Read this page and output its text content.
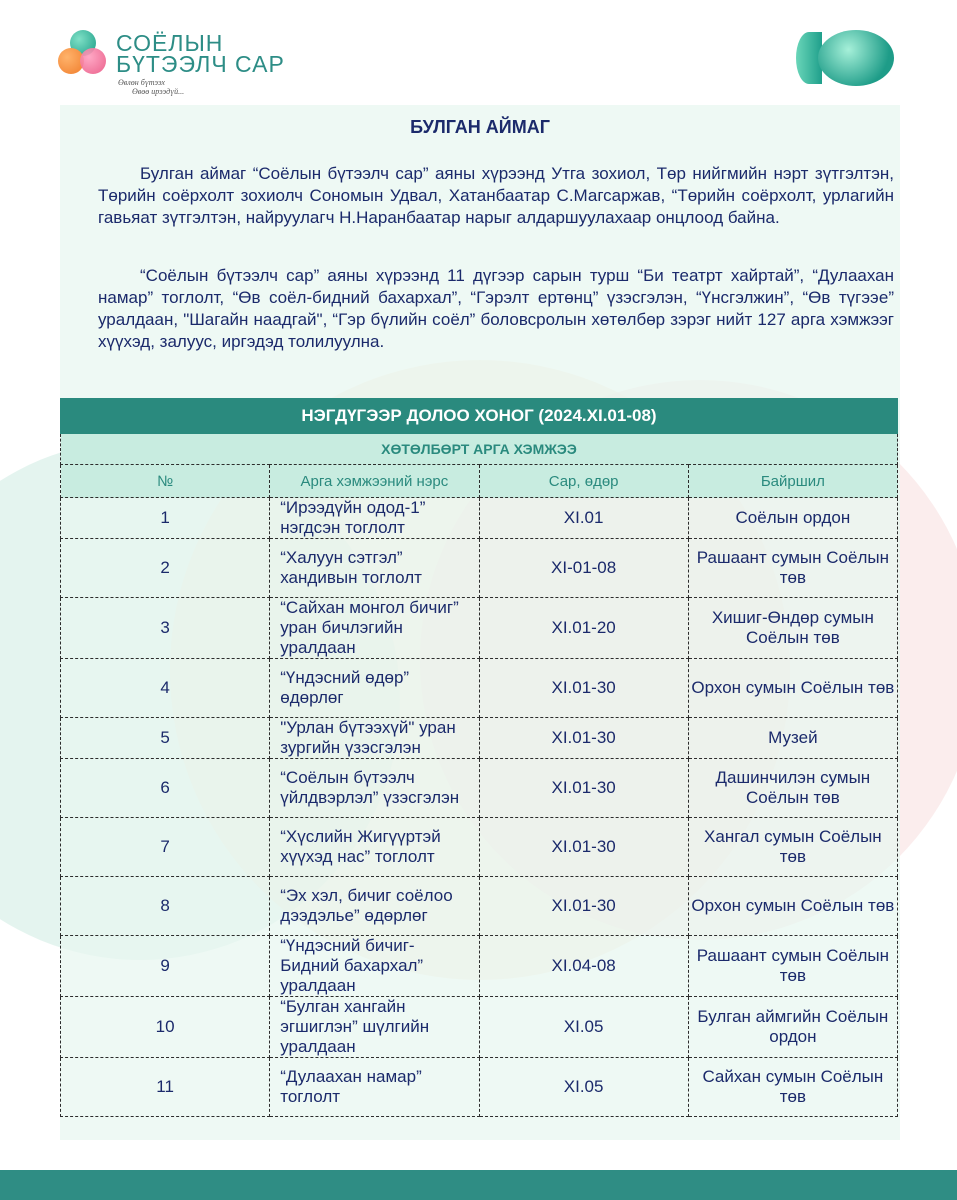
СОЁЛЫН
БҮТЭЭЛЧ САР
Өвлөн бүтээх
Өвөө ирээдүй...
БУЛГАН АЙМАГ

Булган аймаг “Соёлын бүтээлч сар” аяны хүрээнд Утга зохиол, Төр нийгмийн нэрт зүтгэлтэн, Төрийн соёрхолт зохиолч Сономын Удвал, Хатанбаатар С.Магсаржав, “Төрийн соёрхолт, урлагийн гавьяат зүтгэлтэн, найруулагч Н.Наранбаатар нарыг алдаршуулахаар онцлоод байна.

“Соёлын бүтээлч сар” аяны хүрээнд 11 дүгээр сарын турш “Би театрт хайртай”, “Дулаахан намар” тоглолт, “Өв соёл-бидний бахархал”, “Гэрэлт ертөнц” үзэсгэлэн, “Үнсгэлжин”, “Өв түгээе” уралдаан, "Шагайн наадгай", “Гэр бүлийн соёл” боловсролын хөтөлбөр зэрэг нийт 127 арга хэмжээг хүүхэд, залуус, иргэдэд толилуулна.

НЭГДҮГЭЭР ДОЛОО ХОНОГ (2024.XI.01-08)
ХӨТӨЛБӨРТ АРГА ХЭМЖЭЭ			
№	Арга хэмжээний нэрс	Сар, өдөр	Байршил
1	“Ирээдүйн одод-1” нэгдсэн тоглолт	XI.01	Соёлын ордон
2	“Халуун сэтгэл” хандивын тоглолт	XI-01-08	Рашаант сумын Соёлын төв
3	“Сайхан монгол бичиг” уран бичлэгийн уралдаан	XI.01-20	Хишиг-Өндөр сумын Соёлын төв
4	“Үндэсний өдөр” өдөрлөг	XI.01-30	Орхон сумын Соёлын төв
5	"Урлан бүтээхүй" уран зургийн үзэсгэлэн	XI.01-30	Музей
6	“Соёлын бүтээлч үйлдвэрлэл” үзэсгэлэн	XI.01-30	Дашинчилэн сумын Соёлын төв
7	“Хүслийн Жигүүртэй хүүхэд нас” тоглолт	XI.01-30	Хангал сумын Соёлын төв
8	“Эх хэл, бичиг соёлоо дээдэлье” өдөрлөг	XI.01-30	Орхон сумын Соёлын төв
9	“Үндэсний бичиг-Бидний бахархал” уралдаан	XI.04-08	Рашаант сумын Соёлын төв
10	“Булган хангайн эгшиглэн” шүлгийн уралдаан	XI.05	Булган аймгийн Соёлын ордон
11	“Дулаахан намар” тоглолт	XI.05	Сайхан сумын Соёлын төв
